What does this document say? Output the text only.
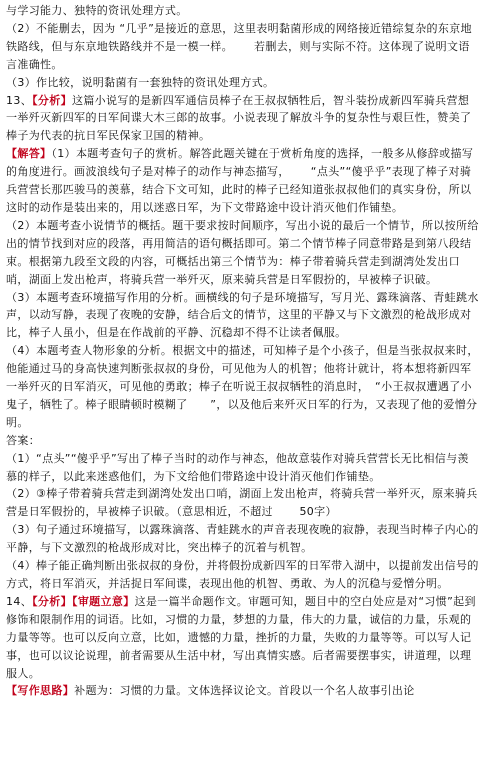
与学习能力、独特的资讯处理方式。

（2）不能删去，因为 “几乎”是接近的意思，这里表明黏菌形成的网络接近错综复杂的东京地铁路线，但与东京地铁路线并不是一模一样。　　 若删去，则与实际不符。这体现了说明文语言准确性。

（3）作比较，说明黏菌有一套独特的资讯处理方式。

13、【分析】这篇小说写的是新四军通信员棒子在王叔叔牺牲后，智斗装扮成新四军骑兵营想一举歼灭新四军的日军间谍大木三郎的故事。小说表现了解放斗争的复杂性与艰巨性，赞美了棒子为代表的抗日军民保家卫国的精神。

【解答】（1）本题考查句子的赏析。解答此题关键在于赏析角度的选择，一般多从修辞或描写的角度进行。画波浪线句子是对棒子的动作与神态描写，　　 “点头”“傻乎乎”表现了棒子对骑兵营营长那匹骏马的羡慕，结合下文可知，此时的棒子已经知道张叔叔他们的真实身份，所以这时的动作是装出来的，用以迷惑日军，为下文带路途中设计消灭他们作铺垫。

（2）本题考查小说情节的概括。题干要求按时间顺序，写出小说的最后一个情节，所以按所给出的情节找到对应的段落，再用简洁的语句概括即可。第二个情节棒子同意带路是到第八段结束。根据第九段至文段的内容，可概括出第三个情节为：棒子带着骑兵营走到湖湾处发出口哨，湖面上发出枪声，将骑兵营一举歼灭，原来骑兵营是日军假扮的，早被棒子识破。

（3）本题考查环境描写作用的分析。画横线的句子是环境描写，写月光、露珠滴落、青蛙跳水声，以动写静，表现了夜晚的安静，结合后文的情节，这里的平静又与下文激烈的枪战形成对比，棒子人虽小，但是在作战前的平静、沉稳却不得不让读者佩服。

（4）本题考查人物形象的分析。根据文中的描述，可知棒子是个小孩子，但是当张叔叔来时，他能通过马的身高快速判断张叔叔的身份，可见他为人的机智；他将计就计，将本想将新四军一举歼灭的日军消灭，可见他的勇敢；棒子在听说王叔叔牺牲的消息时，　“小王叔叔遭遇了小鬼子，牺牲了。棒子眼睛顿时模糊了　　”，以及他后来歼灭日军的行为，又表现了他的爱憎分明。

答案：

（1）“点头”“傻乎乎”写出了棒子当时的动作与神态，他故意装作对骑兵营营长无比相信与羡慕的样子，以此来迷惑他们，为下文给他们带路途中设计消灭他们作铺垫。

（2）③棒子带着骑兵营走到湖湾处发出口哨，湖面上发出枪声，将骑兵营一举歼灭，原来骑兵营是日军假扮的，早被棒子识破。（意思相近，不超过　　 50字）

（3）句子通过环境描写，以露珠滴落、青蛙跳水的声音表现夜晚的寂静，表现当时棒子内心的平静，与下文激烈的枪战形成对比，突出棒子的沉着与机智。

（4）棒子能正确判断出张叔叔的身份，并将假扮成新四军的日军带入湖中，以提前发出信号的方式，将日军消灭，并活捉日军间谍，表现出他的机智、勇敢、为人的沉稳与爱憎分明。

14、【分析】【审题立意】这是一篇半命题作文。审题可知，题目中的空白处应是对“习惯”起到修饰和限制作用的词语。比如，习惯的力量，梦想的力量，伟大的力量，诚信的力量，乐观的力量等等。也可以反向立意，比如，遗憾的力量，挫折的力量，失败的力量等等。可以写人记事，也可以议论说理，前者需要从生活中材，写出真情实感。后者需要摆事实，讲道理，以理服人。

【写作思路】补题为：习惯的力量。文体选择议论文。首段以一个名人故事引出论
